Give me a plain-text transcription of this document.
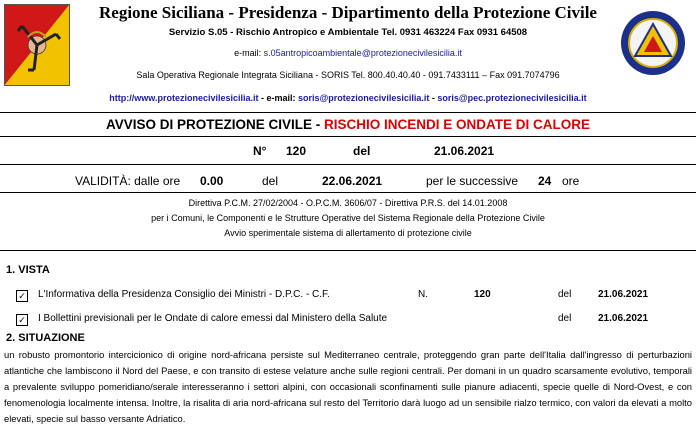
Regione Siciliana - Presidenza - Dipartimento della Protezione Civile
Servizio S.05 - Rischio Antropico e Ambientale Tel. 0931 463224 Fax 0931 64508
e-mail: s.05antropicoambientale@protezionecivilesicilia.it
Sala Operativa Regionale Integrata Siciliana - SORIS Tel. 800.40.40.40 - 091.7433111 – Fax 091.7074796
http://www.protezionecivilesicilia.it - e-mail: soris@protezionecivilesicilia.it - soris@pec.protezionecivilesicilia.it
AVVISO DI PROTEZIONE CIVILE - RISCHIO INCENDI E ONDATE DI CALORE
N° 120	del	21.06.2021
VALIDITÀ: dalle ore 0.00	del	22.06.2021	per le successive 24 ore
Direttiva P.C.M. 27/02/2004 - O.P.C.M. 3606/07 - Direttiva P.R.S. del 14.01.2008
per i Comuni, le Componenti e le Strutture Operative del Sistema Regionale della Protezione Civile
Avvio sperimentale sistema di allertamento di protezione civile
1. VISTA
✓ L'Informativa della Presidenza Consiglio dei Ministri - D.P.C. - C.F.	N.	120	del	21.06.2021
✓ I Bollettini previsionali per le Ondate di calore emessi dal Ministero della Salute	del	21.06.2021
2. SITUAZIONE
un robusto promontorio intercicionico di origine nord-africana persiste sul Mediterraneo centrale, proteggendo gran parte dell'Italia dall'ingresso di perturbazioni atlantiche che lambiscono il Nord del Paese, e con transito di estese velature anche sulle regioni centrali. Per domani in un quadro scarsamente evolutivo, temporali a prevalente sviluppo pomeridiano/serale interesseranno i settori alpini, con occasionali sconfinamenti sulle pianure adiacenti, specie quelle di Nord-Ovest, e con fenomenologia localmente intensa. Inoltre, la risalita di aria nord-africana sul resto del Territorio darà luogo ad un sensibile rialzo termico, con valori da elevati a molto elevati, specie sul basso versante Adriatico.
